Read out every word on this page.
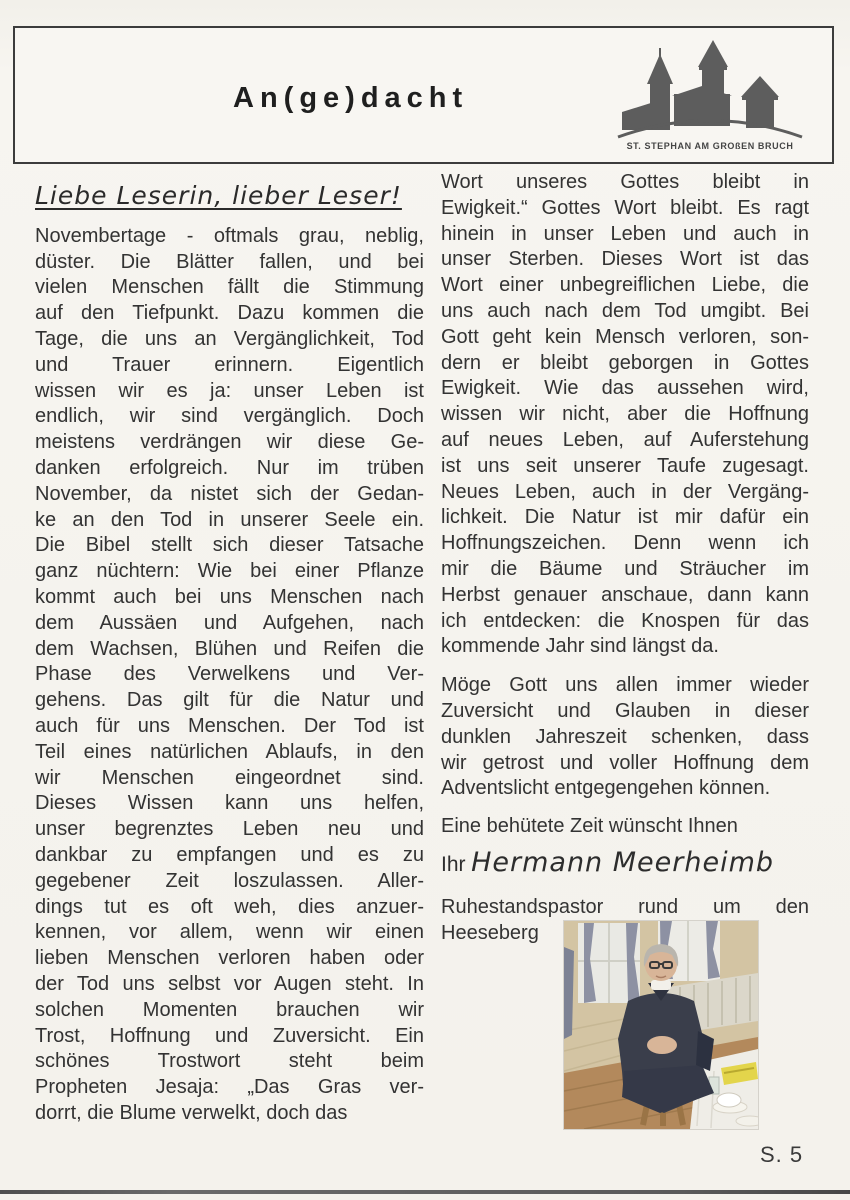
An(ge)dacht
ST. STEPHAN AM GROßEN BRUCH
Liebe Leserin, lieber Leser!
Novembertage - oftmals grau, neblig,
düster. Die Blätter fallen, und bei
vielen Menschen fällt die Stimmung
auf den Tiefpunkt. Dazu kommen die
Tage, die uns an Vergänglichkeit, Tod
und Trauer erinnern. Eigentlich
wissen wir es ja: unser Leben ist
endlich, wir sind vergänglich. Doch
meistens verdrängen wir diese Ge-
danken erfolgreich. Nur im trüben
November, da nistet sich der Gedan-
ke an den Tod in unserer Seele ein.
Die Bibel stellt sich dieser Tatsache
ganz nüchtern: Wie bei einer Pflanze
kommt auch bei uns Menschen nach
dem Aussäen und Aufgehen, nach
dem Wachsen, Blühen und Reifen die
Phase des Verwelkens und Ver-
gehens. Das gilt für die Natur und
auch für uns Menschen. Der Tod ist
Teil eines natürlichen Ablaufs, in den
wir Menschen eingeordnet sind.
Dieses Wissen kann uns helfen,
unser begrenztes Leben neu und
dankbar zu empfangen und es zu
gegebener Zeit loszulassen. Aller-
dings tut es oft weh, dies anzuer-
kennen, vor allem, wenn wir einen
lieben Menschen verloren haben oder
der Tod uns selbst vor Augen steht. In
solchen Momenten brauchen wir
Trost, Hoffnung und Zuversicht. Ein
schönes Trostwort steht beim
Propheten Jesaja: „Das Gras ver-
dorrt, die Blume verwelkt, doch das
Wort unseres Gottes bleibt in
Ewigkeit.“ Gottes Wort bleibt. Es ragt
hinein in unser Leben und auch in
unser Sterben. Dieses Wort ist das
Wort einer unbegreiflichen Liebe, die
uns auch nach dem Tod umgibt. Bei
Gott geht kein Mensch verloren, son-
dern er bleibt geborgen in Gottes
Ewigkeit. Wie das aussehen wird,
wissen wir nicht, aber die Hoffnung
auf neues Leben, auf Auferstehung
ist uns seit unserer Taufe zugesagt.
Neues Leben, auch in der Vergäng-
lichkeit. Die Natur ist mir dafür ein
Hoffnungszeichen. Denn wenn ich
mir die Bäume und Sträucher im
Herbst genauer anschaue, dann kann
ich entdecken: die Knospen für das
kommende Jahr sind längst da.
Möge Gott uns allen immer wieder
Zuversicht und Glauben in dieser
dunklen Jahreszeit schenken, dass
wir getrost und voller Hoffnung dem
Adventslicht entgegengehen können.
Eine behütete Zeit wünscht Ihnen
Ihr Hermann Meerheimb
Ruhestandspastor rund um den
Heeseberg
S. 5
